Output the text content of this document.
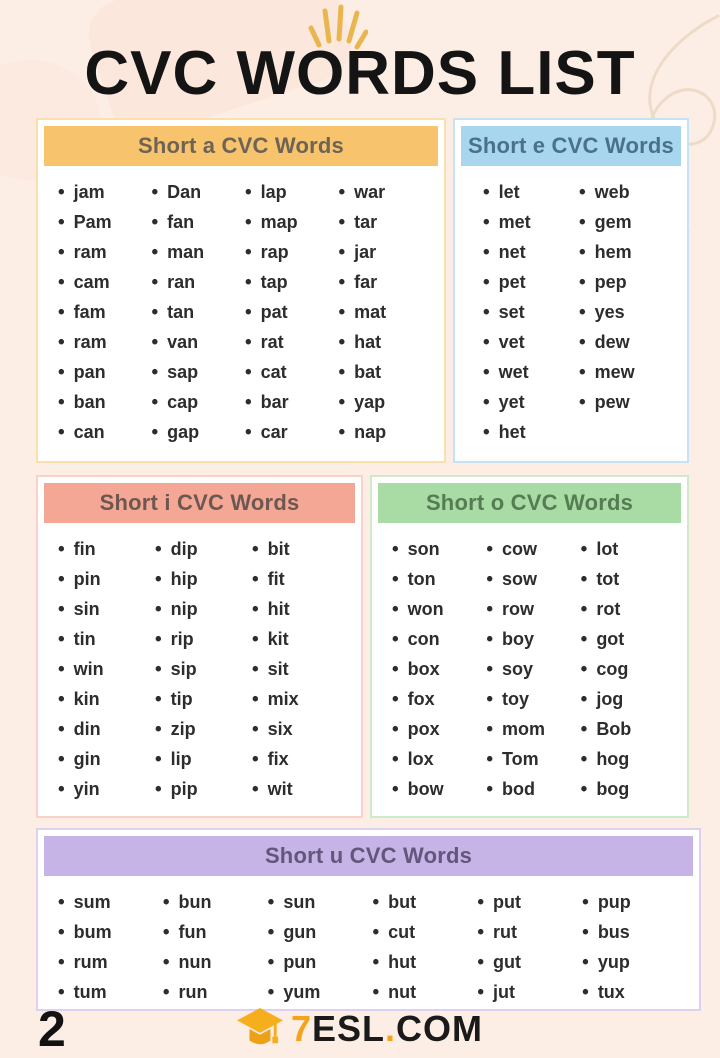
CVC WORDS LIST
Short a CVC Words
• jam
• Pam
• ram
• cam
• fam
• ram
• pan
• ban
• can
• Dan
• fan
• man
• ran
• tan
• van
• sap
• cap
• gap
• lap
• map
• rap
• tap
• pat
• rat
• cat
• bar
• car
• war
• tar
• jar
• far
• mat
• hat
• bat
• yap
• nap
Short e CVC Words
• let
• met
• net
• pet
• set
• vet
• wet
• yet
• het
• web
• gem
• hem
• pep
• yes
• dew
• mew
• pew
Short i CVC Words
• fin
• pin
• sin
• tin
• win
• kin
• din
• gin
• yin
• dip
• hip
• nip
• rip
• sip
• tip
• zip
• lip
• pip
• bit
• fit
• hit
• kit
• sit
• mix
• six
• fix
• wit
Short o CVC Words
• son
• ton
• won
• con
• box
• fox
• pox
• lox
• bow
• cow
• sow
• row
• boy
• soy
• toy
• mom
• Tom
• bod
• lot
• tot
• rot
• got
• cog
• jog
• Bob
• hog
• bog
Short u CVC Words
• sum
• bum
• rum
• tum
• bun
• fun
• nun
• run
• sun
• gun
• pun
• yum
• but
• cut
• hut
• nut
• put
• rut
• gut
• jut
• pup
• bus
• yup
• tux
2	7ESL.COM
